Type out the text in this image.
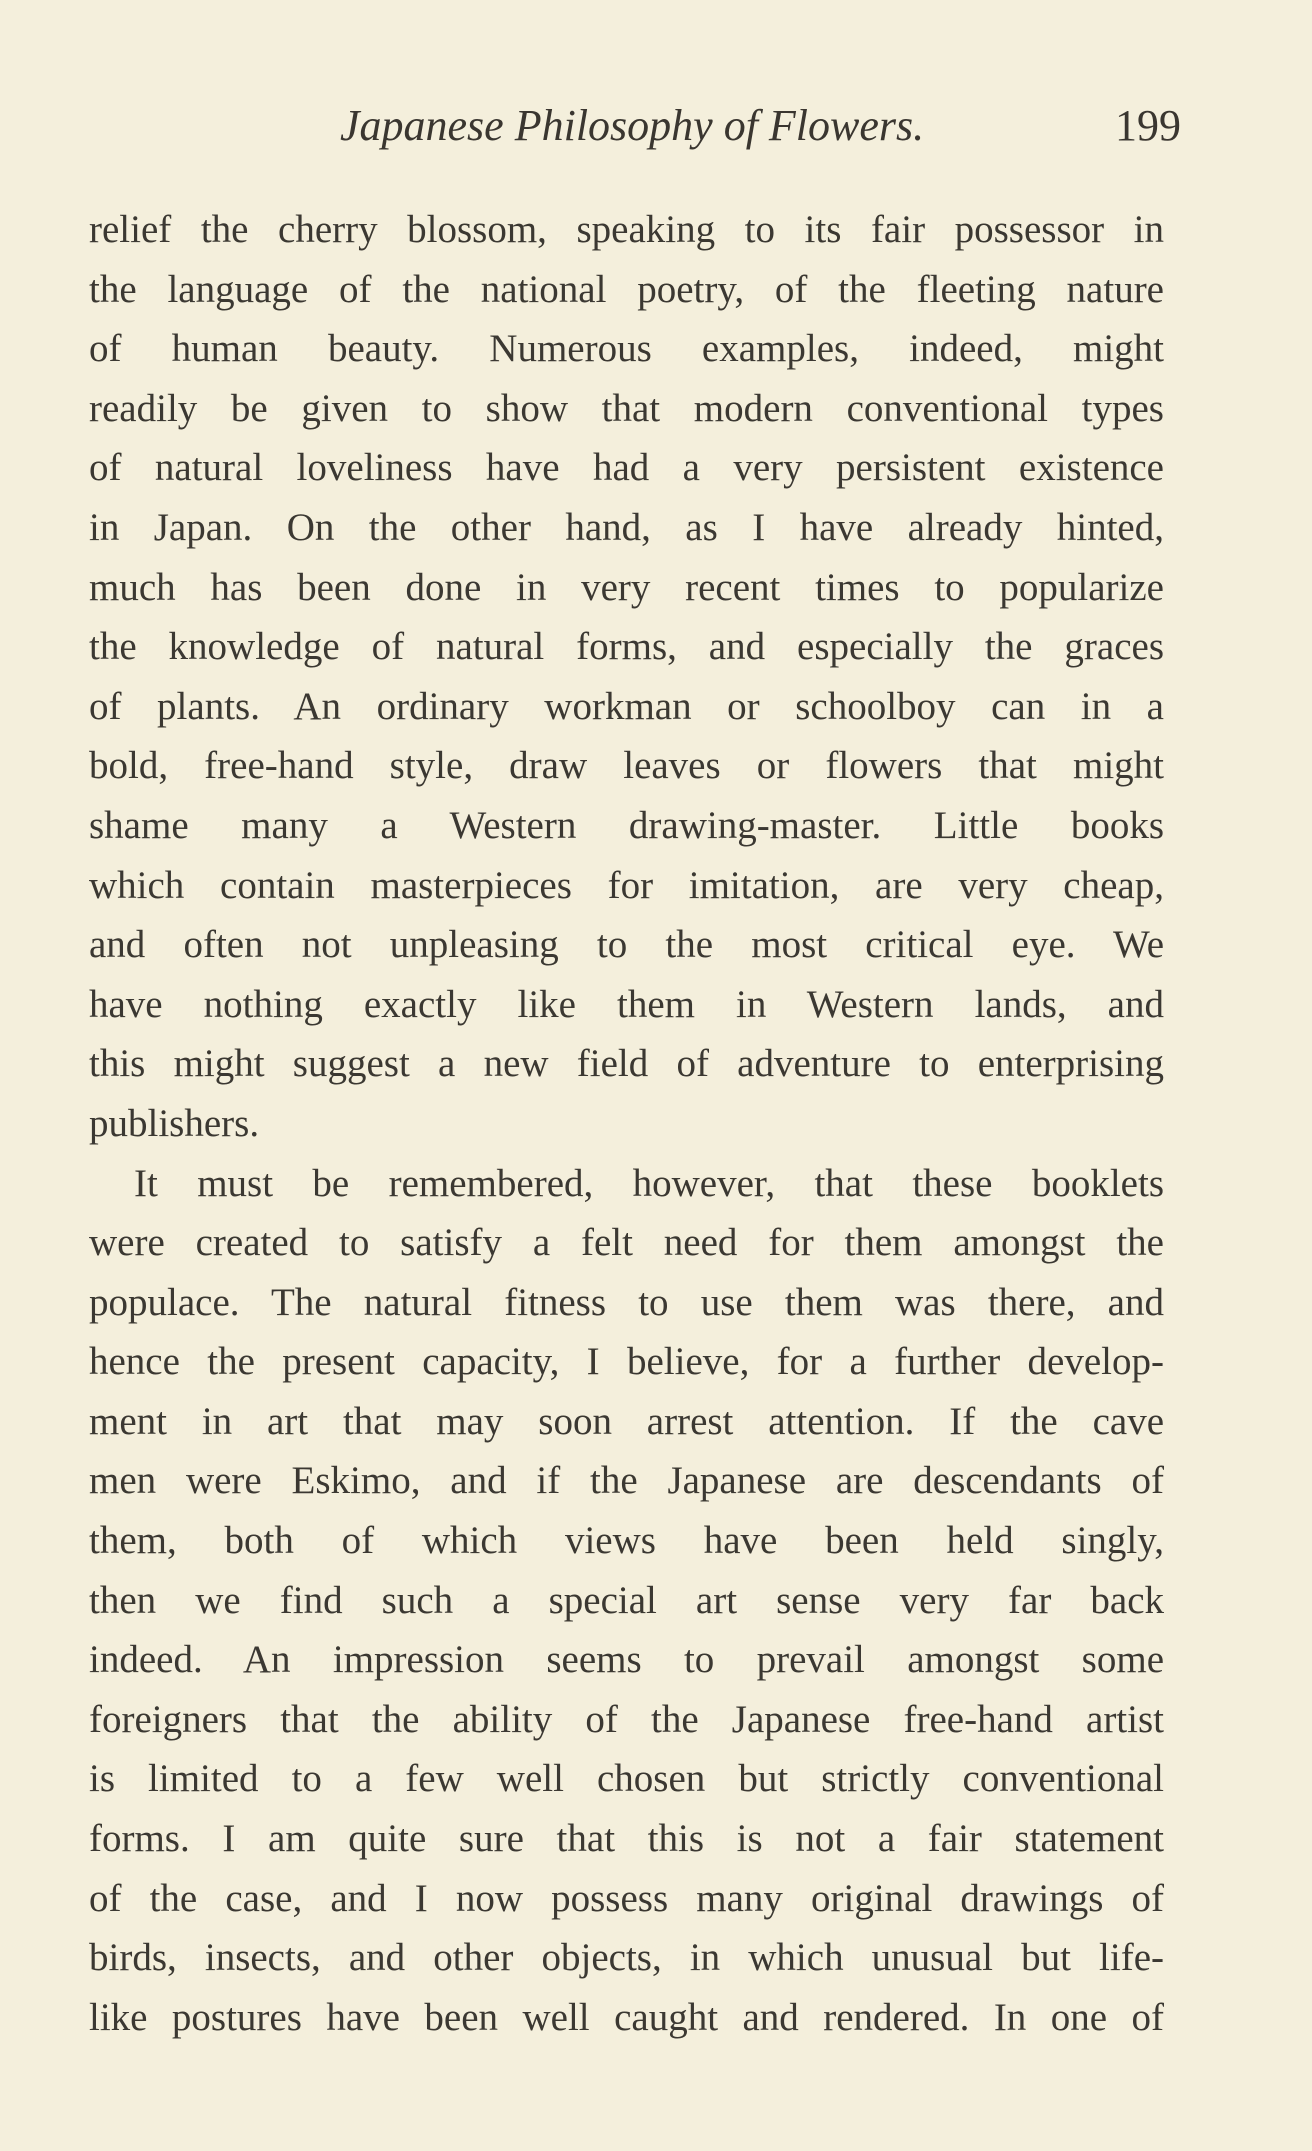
Japanese Philosophy of Flowers.	199
relief the cherry blossom, speaking to its fair possessor in
the language of the national poetry, of the fleeting nature
of human beauty. Numerous examples, indeed, might
readily be given to show that modern conventional types
of natural loveliness have had a very persistent existence
in Japan. On the other hand, as I have already hinted,
much has been done in very recent times to popularize
the knowledge of natural forms, and especially the graces
of plants. An ordinary workman or schoolboy can in a
bold, free-hand style, draw leaves or flowers that might
shame many a Western drawing-master. Little books
which contain masterpieces for imitation, are very cheap,
and often not unpleasing to the most critical eye. We
have nothing exactly like them in Western lands, and
this might suggest a new field of adventure to enterprising
publishers.
It must be remembered, however, that these booklets
were created to satisfy a felt need for them amongst the
populace. The natural fitness to use them was there, and
hence the present capacity, I believe, for a further develop-
ment in art that may soon arrest attention. If the cave
men were Eskimo, and if the Japanese are descendants of
them, both of which views have been held singly,
then we find such a special art sense very far back
indeed. An impression seems to prevail amongst some
foreigners that the ability of the Japanese free-hand artist
is limited to a few well chosen but strictly conventional
forms. I am quite sure that this is not a fair statement
of the case, and I now possess many original drawings of
birds, insects, and other objects, in which unusual but life-
like postures have been well caught and rendered. In one of
